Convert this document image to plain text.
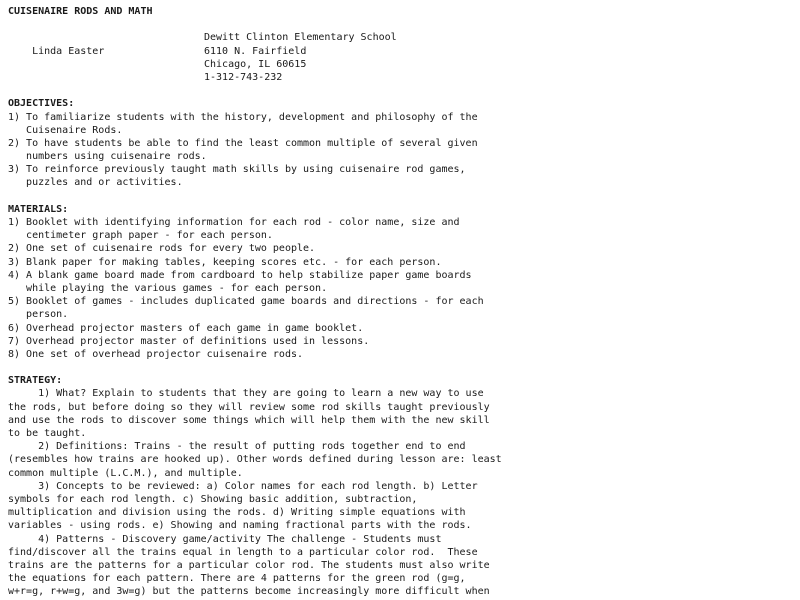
CUISENAIRE RODS AND MATH

Linda Easter

Dewitt Clinton Elementary School

6110 N. Fairfield

Chicago, IL 60615

1-312-743-232

OBJECTIVES:
1) To familiarize students with the history, development and philosophy of the
Cuisenaire Rods.
2) To have students be able to find the least common multiple of several given
numbers using cuisenaire rods.
3) To reinforce previously taught math skills by using cuisenaire rod games,
puzzles and or activities.
MATERIALS:
1) Booklet with identifying information for each rod - color name, size and
centimeter graph paper - for each person.
2) One set of cuisenaire rods for every two people.
3) Blank paper for making tables, keeping scores etc. - for each person.
4) A blank game board made from cardboard to help stabilize paper game boards
while playing the various games - for each person.
5) Booklet of games - includes duplicated game boards and directions - for each
person.
6) Overhead projector masters of each game in game booklet.
7) Overhead projector master of definitions used in lessons.
8) One set of overhead projector cuisenaire rods.
STRATEGY:
1) What? Explain to students that they are going to learn a new way to use
the rods, but before doing so they will review some rod skills taught previously
and use the rods to discover some things which will help them with the new skill
to be taught.
2) Definitions: Trains - the result of putting rods together end to end
(resembles how trains are hooked up). Other words defined during lesson are: least
common multiple (L.C.M.), and multiple.
3) Concepts to be reviewed: a) Color names for each rod length. b) Letter
symbols for each rod length. c) Showing basic addition, subtraction,
multiplication and division using the rods. d) Writing simple equations with
variables - using rods. e) Showing and naming fractional parts with the rods.
4) Patterns - Discovery game/activity The challenge - Students must
find/discover all the trains equal in length to a particular color rod.  These
trains are the patterns for a particular color rod. The students must also write
the equations for each pattern. There are 4 patterns for the green rod (g=g,
w+r=g, r+w=g, and 3w=g) but the patterns become increasingly more difficult when
